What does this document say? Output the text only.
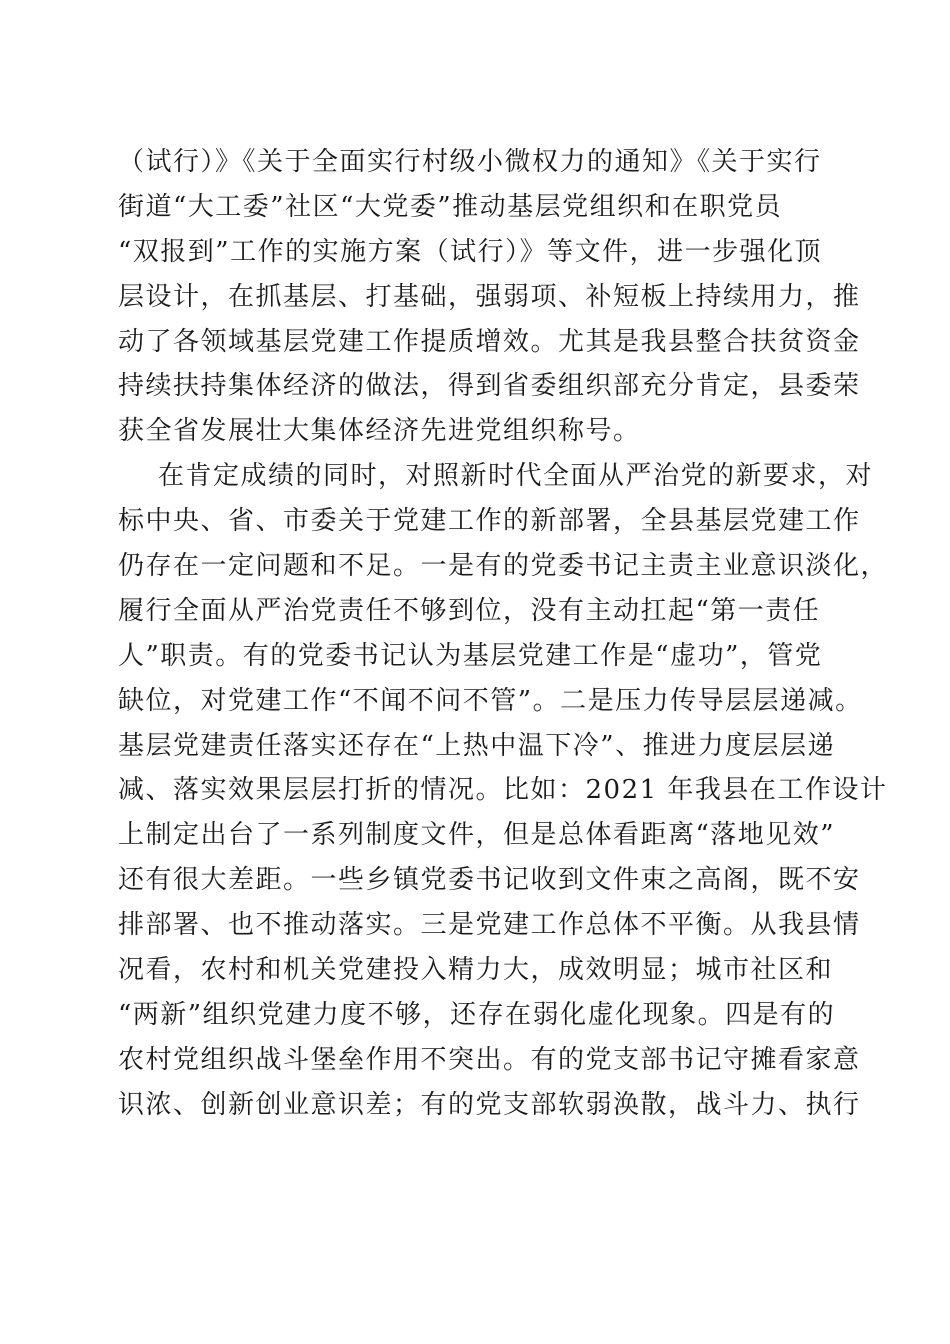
（试行）》《关于全面实行村级小微权力的通知》《关于实行
街道“大工委”社区“大党委”推动基层党组织和在职党员
“双报到”工作的实施方案（试行）》等文件，进一步强化顶
层设计，在抓基层、打基础，强弱项、补短板上持续用力，推
动了各领域基层党建工作提质增效。尤其是我县整合扶贫资金
持续扶持集体经济的做法，得到省委组织部充分肯定，县委荣
获全省发展壮大集体经济先进党组织称号。
在肯定成绩的同时，对照新时代全面从严治党的新要求，对
标中央、省、市委关于党建工作的新部署，全县基层党建工作
仍存在一定问题和不足。一是有的党委书记主责主业意识淡化，
履行全面从严治党责任不够到位，没有主动扛起“第一责任
人”职责。有的党委书记认为基层党建工作是“虚功”，管党
缺位，对党建工作“不闻不问不管”。二是压力传导层层递减。
基层党建责任落实还存在“上热中温下冷”、推进力度层层递
减、落实效果层层打折的情况。比如：2021 年我县在工作设计
上制定出台了一系列制度文件，但是总体看距离“落地见效”
还有很大差距。一些乡镇党委书记收到文件束之高阁，既不安
排部署、也不推动落实。三是党建工作总体不平衡。从我县情
况看，农村和机关党建投入精力大，成效明显；城市社区和
“两新”组织党建力度不够，还存在弱化虚化现象。四是有的
农村党组织战斗堡垒作用不突出。有的党支部书记守摊看家意
识浓、创新创业意识差；有的党支部软弱涣散，战斗力、执行
